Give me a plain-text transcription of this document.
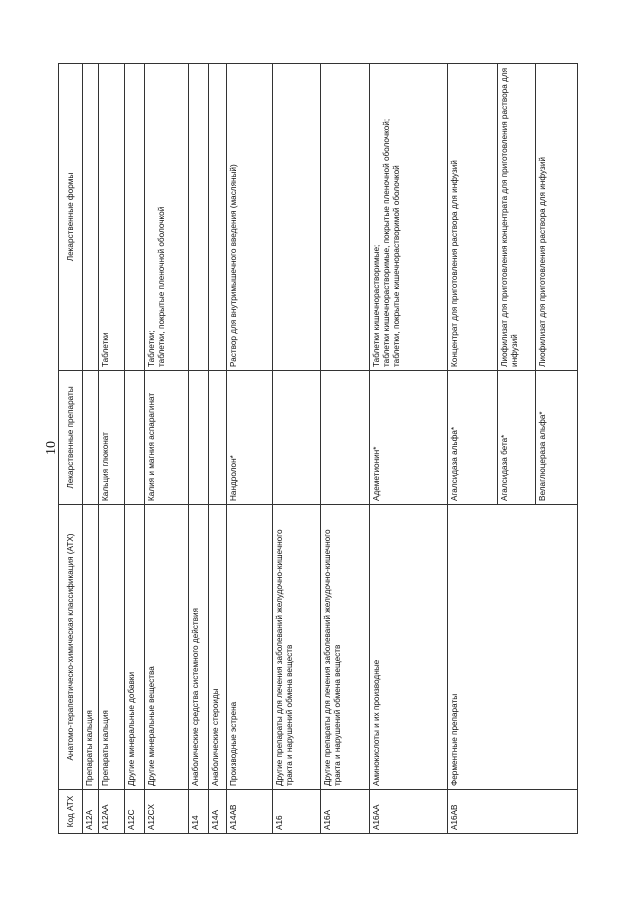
10
Код АТХ	Анатомо-терапевтическо-химическая классификация (АТХ)	Лекарственные препараты	Лекарственные формы
A12A	Препараты кальция		
A12AA	Препараты кальция	Кальция глюконат	Таблетки
A12C	Другие минеральные добавки		
A12CX	Другие минеральные вещества	Калия и магния аспарагинат	Таблетки;
таблетки, покрытые пленочной оболочкой
A14	Анаболические средства системного действия		
A14A	Анаболические стероиды		
A14AB	Производные эстрена	Нандролон*	Раствор для внутримышечного введения (масляный)
A16	Другие препараты для лечения заболеваний желудочно-кишечного тракта и нарушений обмена веществ		
A16A	Другие препараты для лечения заболеваний желудочно-кишечного тракта и нарушений обмена веществ		
A16AA	Аминокислоты и их производные	Адеметионин*	Таблетки кишечнорастворимые;
таблетки кишечнорастворимые, покрытые пленочной оболочкой;
таблетки, покрытые кишечнорастворимой оболочкой
A16AB	Ферментные препараты	Агалсидаза альфа*	Концентрат для приготовления раствора для инфузий
		Агалсидаза бета*	Лиофилизат для приготовления концентрата для приготовления раствора для инфузий
		Велаглюцераза альфа*	Лиофилизат для приготовления раствора для инфузий
